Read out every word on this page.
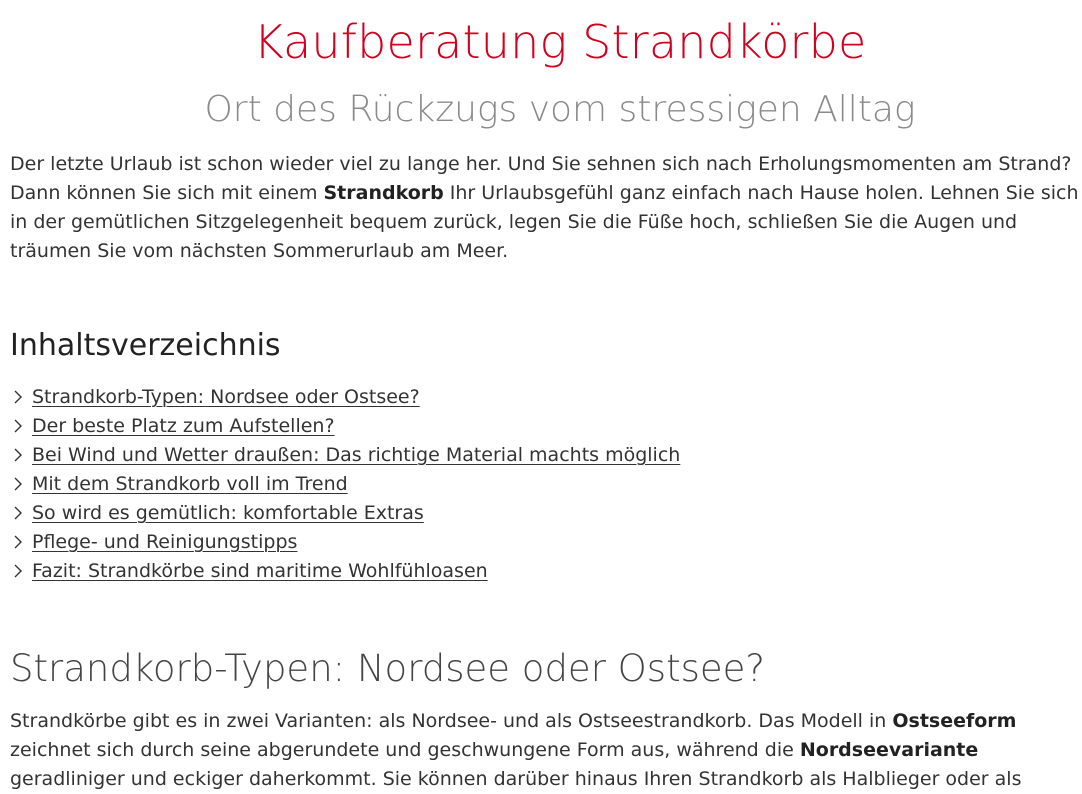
Kaufberatung Strandkörbe
Ort des Rückzugs vom stressigen Alltag

Der letzte Urlaub ist schon wieder viel zu lange her. Und Sie sehnen sich nach Erholungsmomenten am Strand?
Dann können Sie sich mit einem Strandkorb Ihr Urlaubsgefühl ganz einfach nach Hause holen. Lehnen Sie sich
in der gemütlichen Sitzgelegenheit bequem zurück, legen Sie die Füße hoch, schließen Sie die Augen und
träumen Sie vom nächsten Sommerurlaub am Meer.

Inhaltsverzeichnis
Strandkorb-Typen: Nordsee oder Ostsee?
Der beste Platz zum Aufstellen?
Bei Wind und Wetter draußen: Das richtige Material machts möglich
Mit dem Strandkorb voll im Trend
So wird es gemütlich: komfortable Extras
Pflege- und Reinigungstipps
Fazit: Strandkörbe sind maritime Wohlfühloasen
Strandkorb-Typen: Nordsee oder Ostsee?

Strandkörbe gibt es in zwei Varianten: als Nordsee- und als Ostseestrandkorb. Das Modell in Ostseeform
zeichnet sich durch seine abgerundete und geschwungene Form aus, während die Nordseevariante
geradliniger und eckiger daherkommt. Sie können darüber hinaus Ihren Strandkorb als Halblieger oder als
